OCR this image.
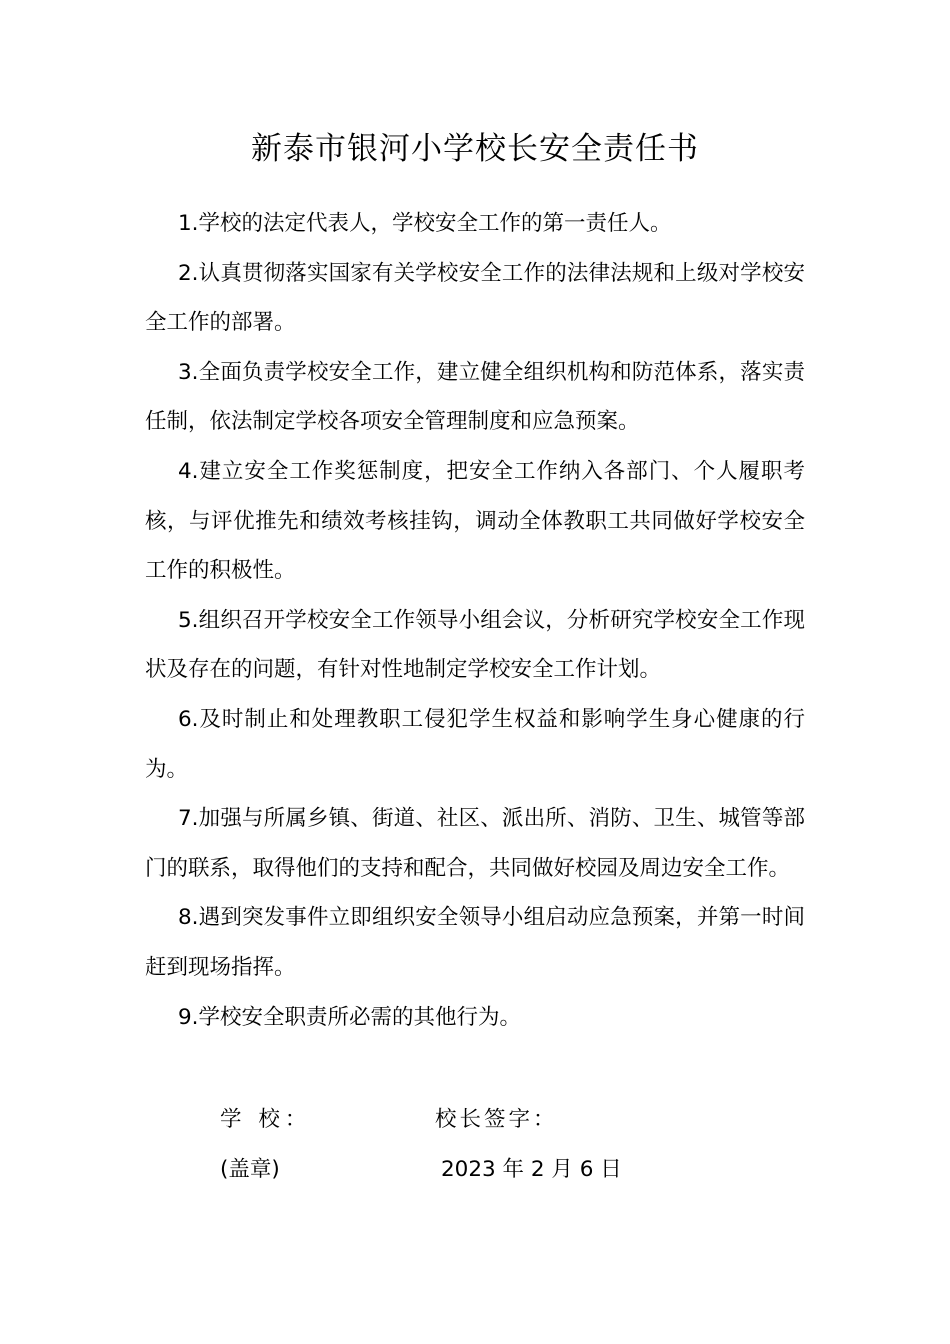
新泰市银河小学校长安全责任书

1.学校的法定代表人，学校安全工作的第一责任人。

2.认真贯彻落实国家有关学校安全工作的法律法规和上级对学校安全工作的部署。

3.全面负责学校安全工作，建立健全组织机构和防范体系，落实责任制，依法制定学校各项安全管理制度和应急预案。

4.建立安全工作奖惩制度，把安全工作纳入各部门、个人履职考核，与评优推先和绩效考核挂钩，调动全体教职工共同做好学校安全工作的积极性。

5.组织召开学校安全工作领导小组会议，分析研究学校安全工作现状及存在的问题，有针对性地制定学校安全工作计划。

6.及时制止和处理教职工侵犯学生权益和影响学生身心健康的行为。

7.加强与所属乡镇、街道、社区、派出所、消防、卫生、城管等部门的联系，取得他们的支持和配合，共同做好校园及周边安全工作。

8.遇到突发事件立即组织安全领导小组启动应急预案，并第一时间赶到现场指挥。

9.学校安全职责所必需的其他行为。

学 校：	校长签字：
(盖章)	2023 年 2 月 6 日
